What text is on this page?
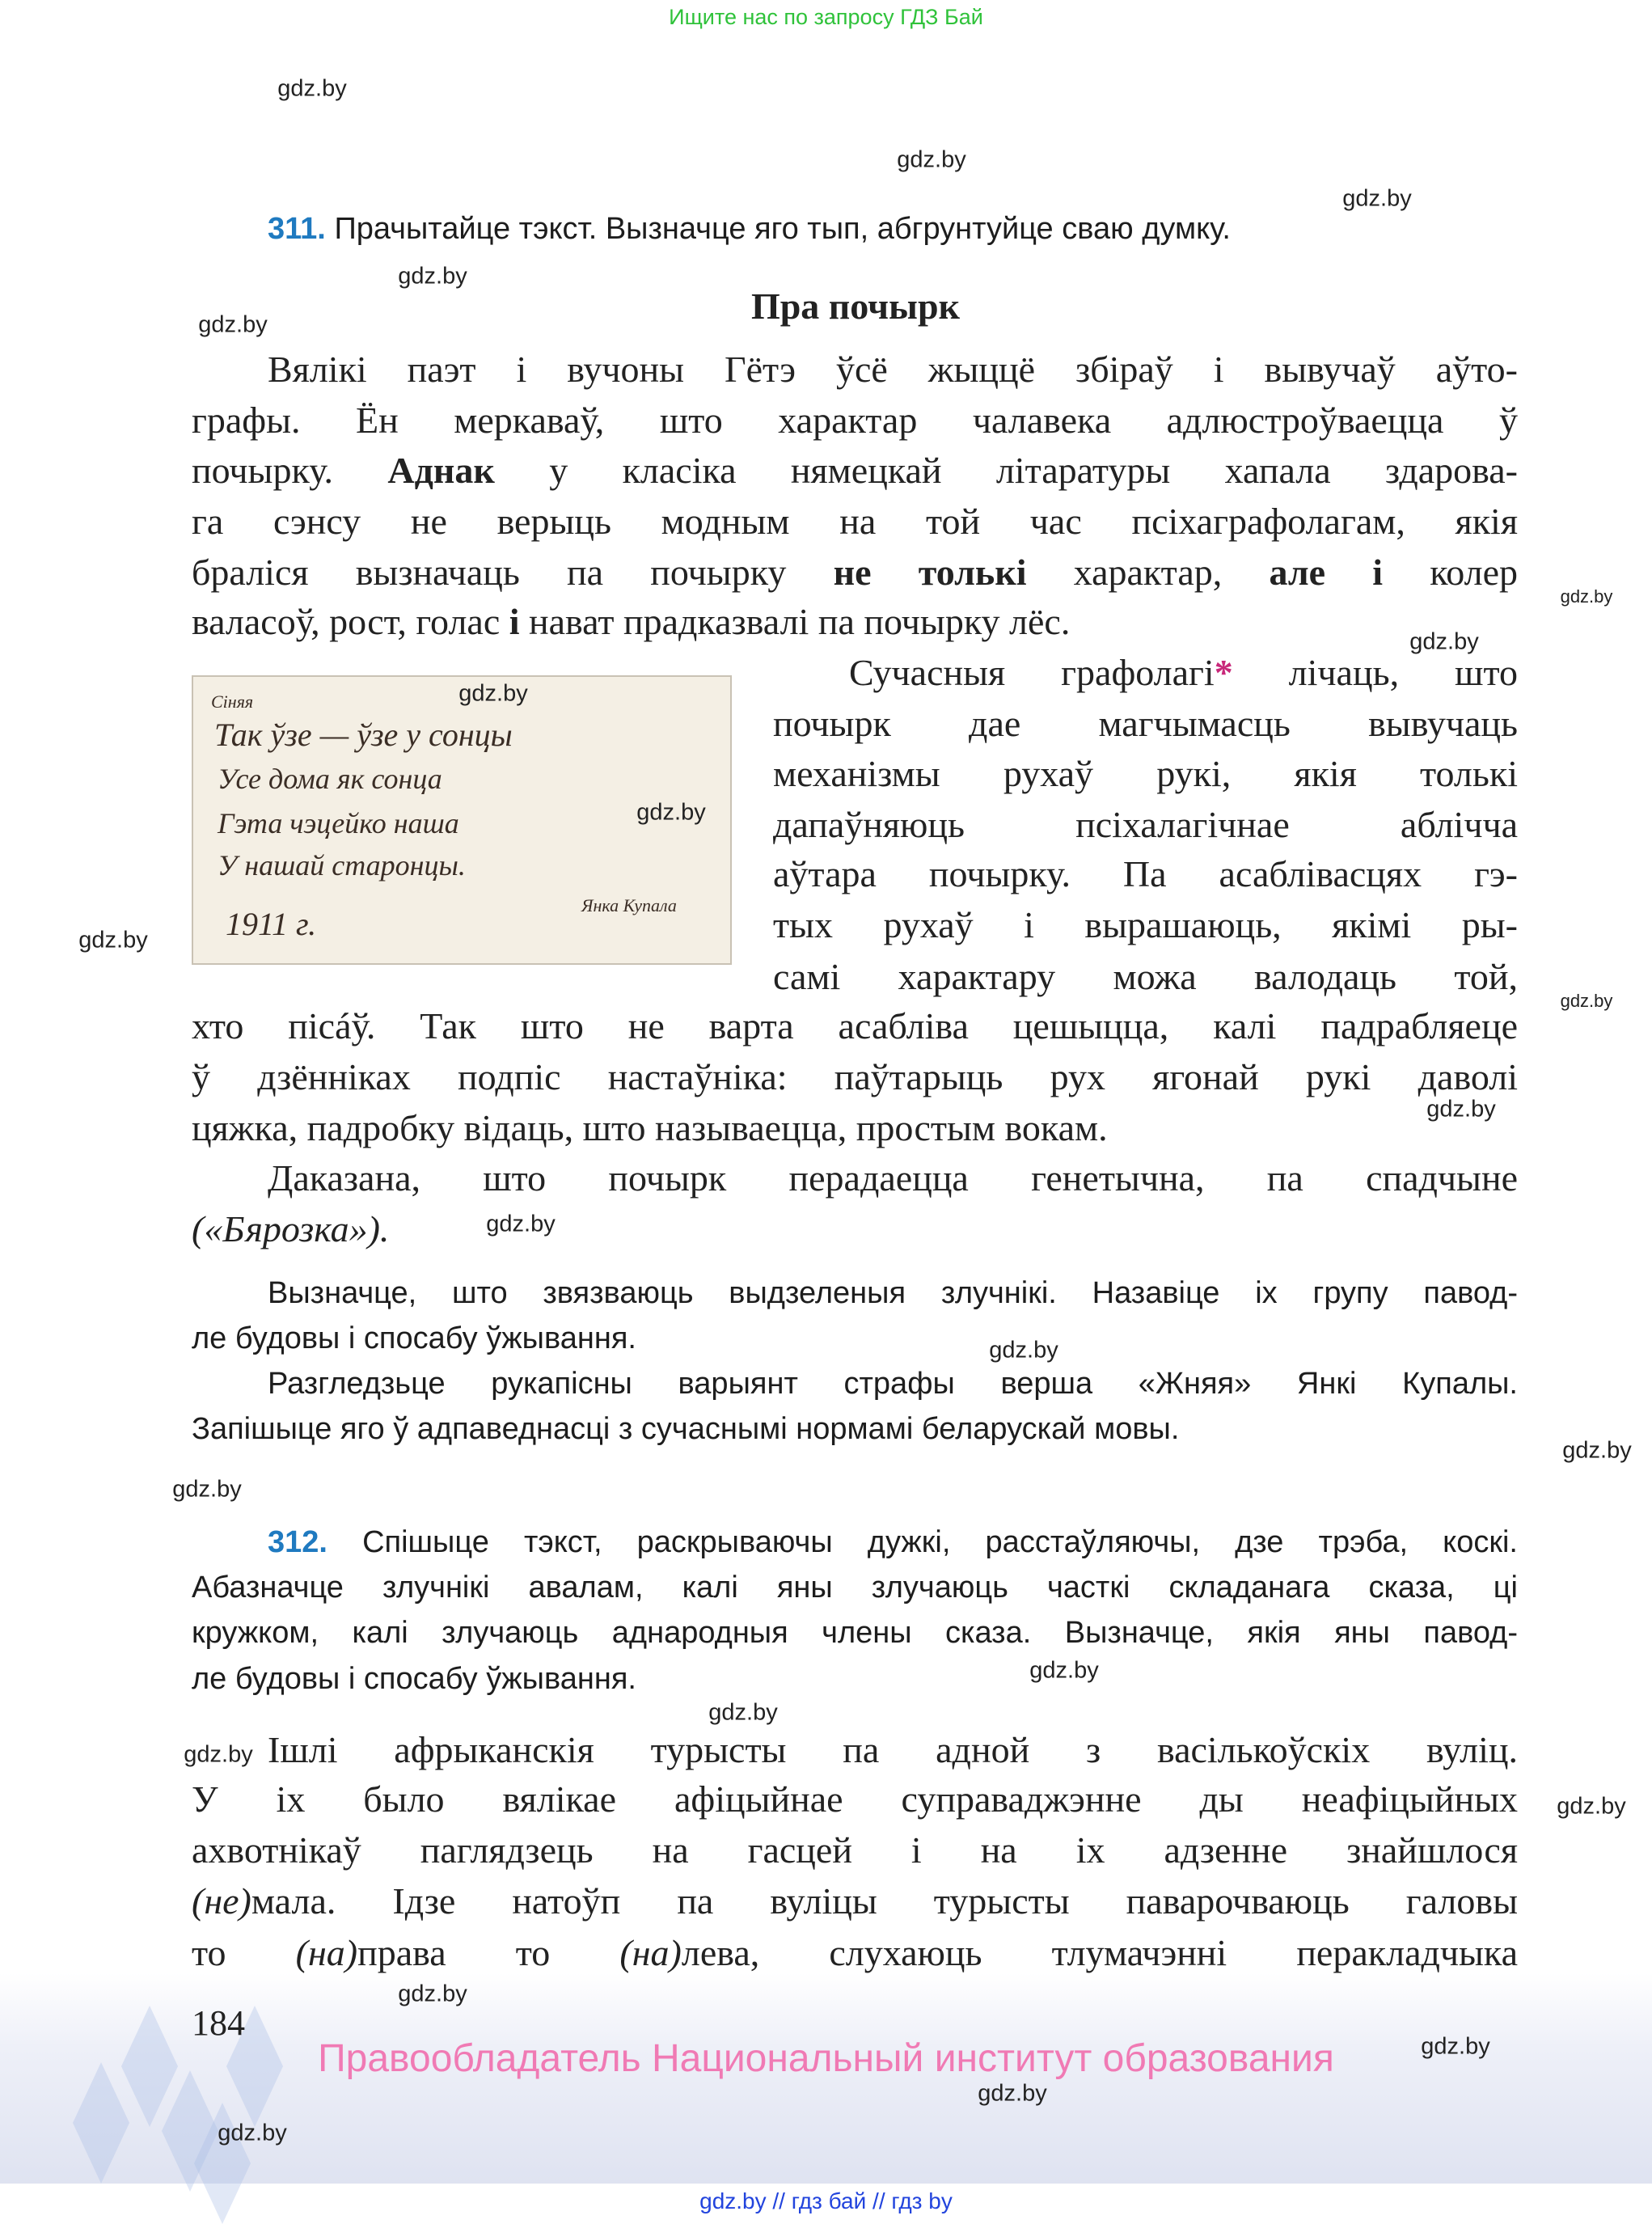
Ищите нас по запросу ГДЗ Бай
311. Прачытайце тэкст. Вызначце яго тып, абгрунтуйце сваю думку.
Пра почырк
Вялікі паэт і вучоны Гётэ ўсё жыццё збіраў і вывучаў аўто-
графы. Ён меркаваў, што характар чалавека адлюстроўваецца ў
почырку. Аднак у класіка нямецкай літаратуры хапала здарова-
га сэнсу не верыць модным на той час псіхаграфолагам, якія
браліся вызначаць па почырку не толькі характар, але і колер
валасоў, рост, голас і нават прадказвалі па почырку лёс.
Сіняя
Так ўзе — ўзе у сонцы
Усе дома як сонца
Гэта чэцейко наша
У нашай старонцы.
Янка Купала
1911 г.
Сучасныя графолагі* лічаць, што
почырк дае магчымасць вывучаць
механізмы рухаў рукі, якія толькі
дапаўняюць псіхалагічнае аблічча
аўтара почырку. Па асаблівасцях гэ-
тых рухаў і вырашаюць, якімі ры-
самі характару можа валодаць той,
хто пісáў. Так што не варта асабліва цешыцца, калі падрабляеце
ў дзённіках подпіс настаўніка: паўтарыць рух ягонай рукі даволі
цяжка, падробку відаць, што называецца, простым вокам.
Даказана, што почырк перадаецца генетычна, па спадчыне
(«Бярозка»).
Вызначце, што звязваюць выдзеленыя злучнікі. Назавіце іх групу павод-
ле будовы і спосабу ўжывання.
Разгледзьце рукапісны варыянт страфы верша «Жняя» Янкі Купалы.
Запішыце яго ў адпаведнасці з сучаснымі нормамі беларускай мовы.
312. Спішыце тэкст, раскрываючы дужкі, расстаўляючы, дзе трэба, коскі.
Абазначце злучнікі авалам, калі яны злучаюць часткі складанага сказа, ці
кружком, калі злучаюць аднародныя члены сказа. Вызначце, якія яны павод-
ле будовы і спосабу ўжывання.
Ішлі афрыканскія турысты па адной з васількоўскіх вуліц.
У іх было вялікае афіцыйнае суправаджэнне ды неафіцыйных
ахвотнікаў паглядзець на гасцей і на іх адзенне знайшлося
(не)мала. Ідзе натоўп па вуліцы турысты паварочваюць галовы
то (на)права то (на)лева, слухаюць тлумачэнні перакладчыка
184
Правообладатель Национальный институт образования
gdz.by // гдз бай // гдз by
gdz.by
gdz.by
gdz.by
gdz.by
gdz.by
gdz.by
gdz.by
gdz.by
gdz.by
gdz.by
gdz.by
gdz.by
gdz.by
gdz.by
gdz.by
gdz.by
gdz.by
gdz.by
gdz.by
gdz.by
gdz.by
gdz.by
gdz.by
gdz.by
